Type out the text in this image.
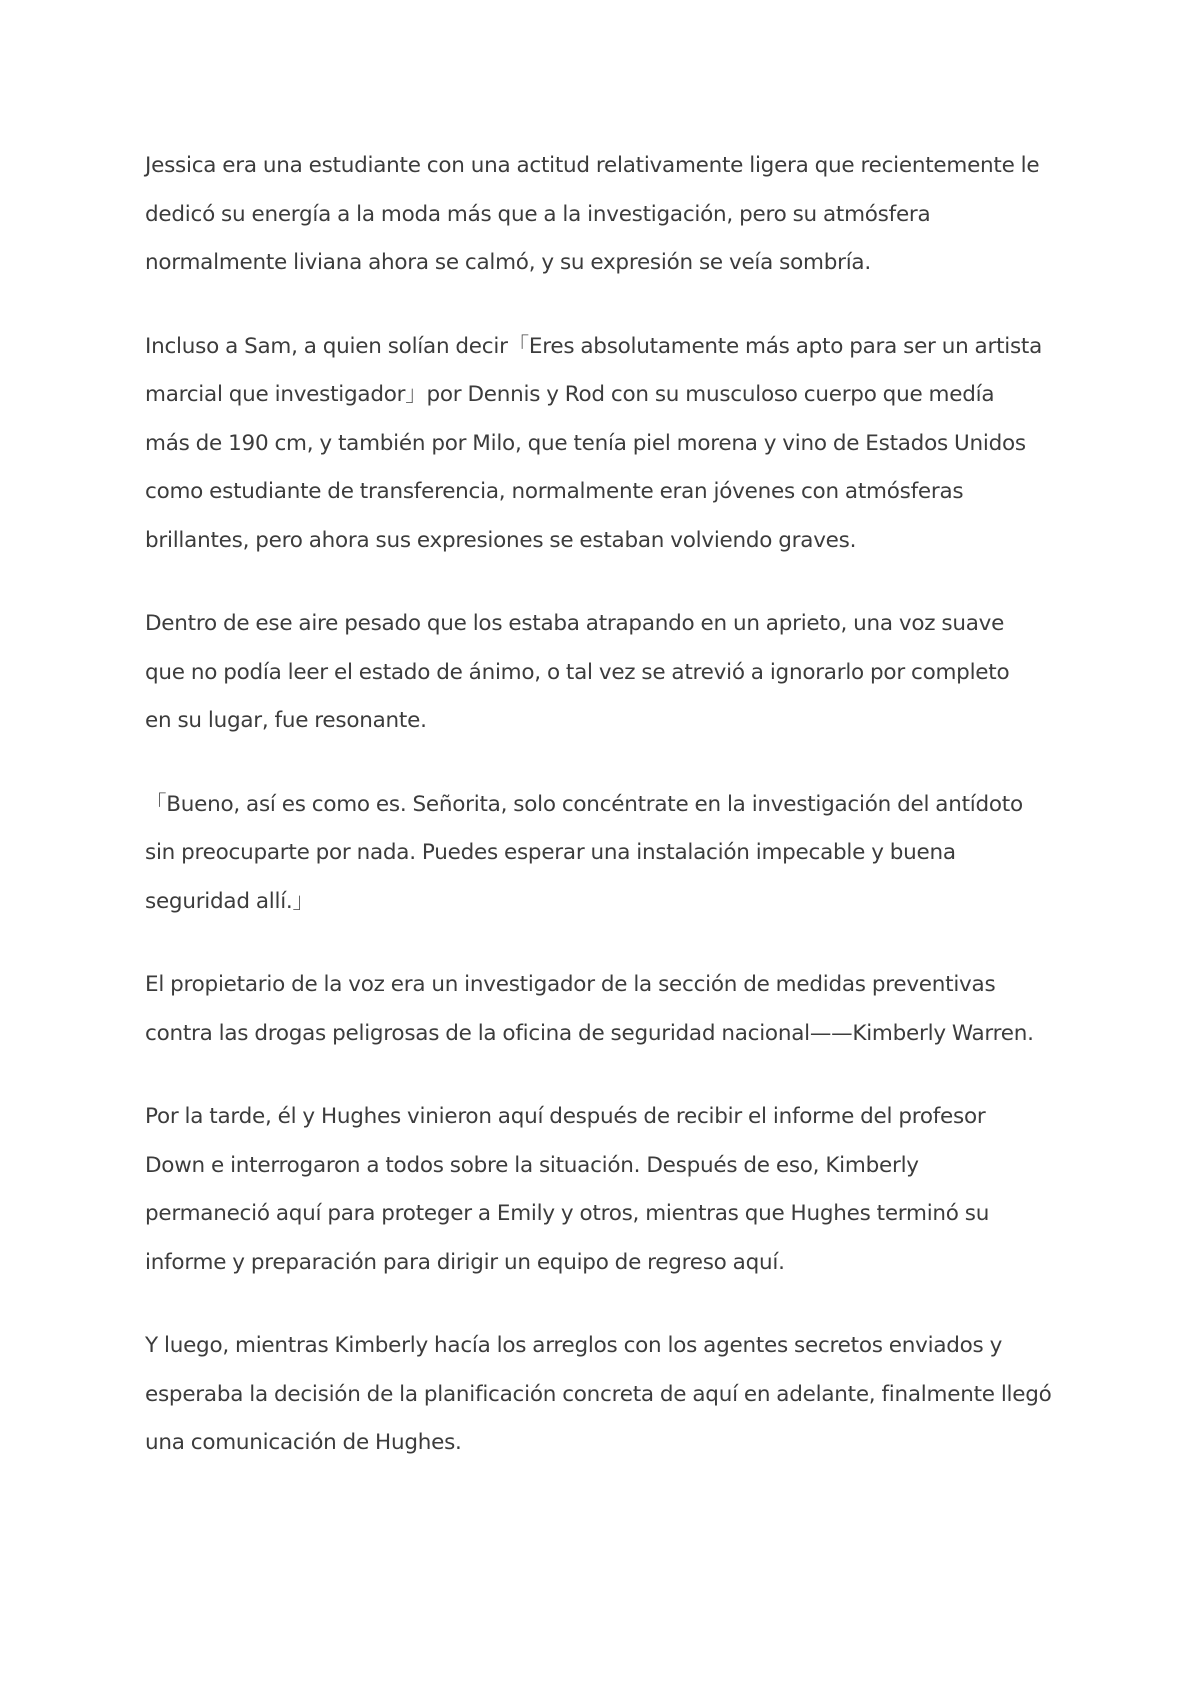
Jessica era una estudiante con una actitud relativamente ligera que recientemente le
dedicó su energía a la moda más que a la investigación, pero su atmósfera
normalmente liviana ahora se calmó, y su expresión se veía sombría.

Incluso a Sam, a quien solían decir「Eres absolutamente más apto para ser un artista
marcial que investigador」por Dennis y Rod con su musculoso cuerpo que medía
más de 190 cm, y también por Milo, que tenía piel morena y vino de Estados Unidos
como estudiante de transferencia, normalmente eran jóvenes con atmósferas
brillantes, pero ahora sus expresiones se estaban volviendo graves.

Dentro de ese aire pesado que los estaba atrapando en un aprieto, una voz suave
que no podía leer el estado de ánimo, o tal vez se atrevió a ignorarlo por completo
en su lugar, fue resonante.

「Bueno, así es como es. Señorita, solo concéntrate en la investigación del antídoto
sin preocuparte por nada. Puedes esperar una instalación impecable y buena
seguridad allí.」

El propietario de la voz era un investigador de la sección de medidas preventivas
contra las drogas peligrosas de la oficina de seguridad nacional——Kimberly Warren.

Por la tarde, él y Hughes vinieron aquí después de recibir el informe del profesor
Down e interrogaron a todos sobre la situación. Después de eso, Kimberly
permaneció aquí para proteger a Emily y otros, mientras que Hughes terminó su
informe y preparación para dirigir un equipo de regreso aquí.

Y luego, mientras Kimberly hacía los arreglos con los agentes secretos enviados y
esperaba la decisión de la planificación concreta de aquí en adelante, finalmente llegó
una comunicación de Hughes.
